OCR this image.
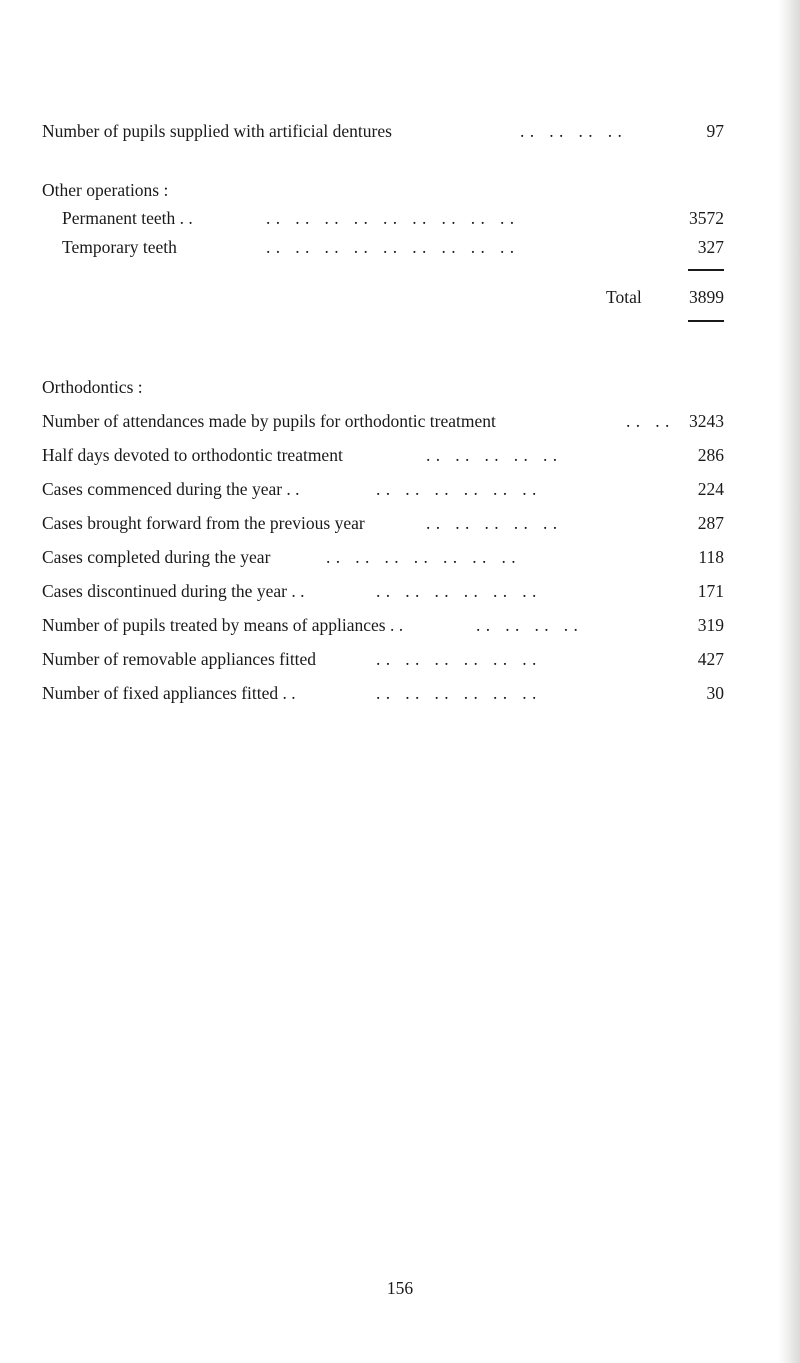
Number of pupils supplied with artificial dentures	. .   . .   . .   . .	97
Other operations :
Permanent teeth . .	. .   . .   . .   . .   . .   . .   . .   . .   . .	3572
Temporary teeth	. .   . .   . .   . .   . .   . .   . .   . .   . .	327
Total	3899
Orthodontics :
Number of attendances made by pupils for orthodontic treatment	. .   . . 3243
Half days devoted to orthodontic treatment	. .   . .   . .   . .   . .	286
Cases commenced during the year . .	. .   . .   . .   . .   . .   . .	224
Cases brought forward from the previous year	. .   . .   . .   . .   . .	287
Cases completed during the year	. .   . .   . .   . .   . .   . .   . .	118
Cases discontinued during the year . .	. .   . .   . .   . .   . .   . .	171
Number of pupils treated by means of appliances . .	. .   . .   . .   . .	319
Number of removable appliances fitted	. .   . .   . .   . .   . .   . .	427
Number of fixed appliances fitted . .	. .   . .   . .   . .   . .   . .	30
156
